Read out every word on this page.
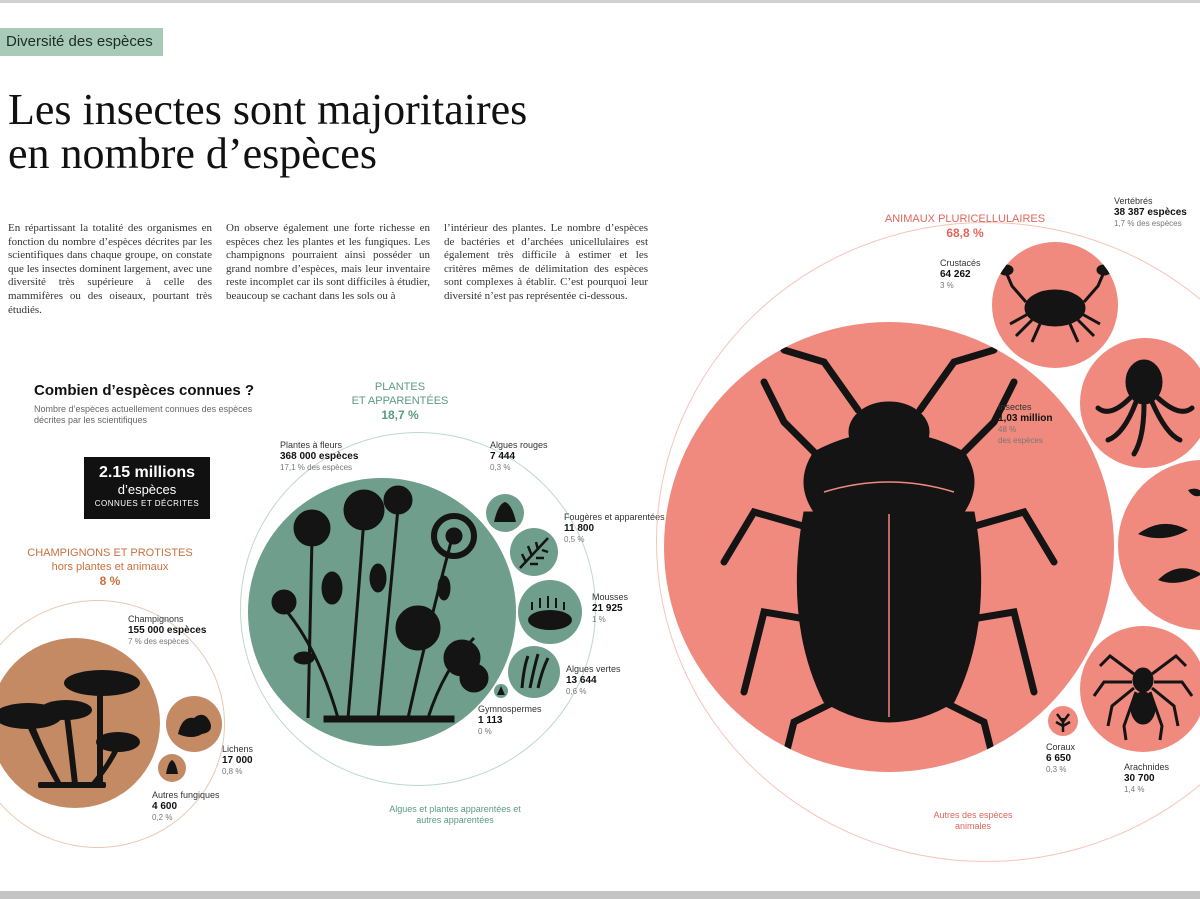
Diversité des espèces
Les insectes sont majoritaires
en nombre d’espèces

En répartissant la totalité des organismes en fonction du nombre d’espèces décrites par les scientifiques dans chaque groupe, on constate que les insectes dominent largement, avec une diversité très supérieure à celle des mammifères ou des oiseaux, pourtant très étudiés.

On observe également une forte richesse en espèces chez les plantes et les fungiques. Les champignons pourraient ainsi posséder un grand nombre d’espèces, mais leur inventaire reste incomplet car ils sont difficiles à étudier, beaucoup se cachant dans les sols ou à

l’intérieur des plantes. Le nombre d’espèces de bactéries et d’archées unicellulaires est également très difficile à estimer et les critères mêmes de délimitation des espèces sont complexes à établir. C’est pourquoi leur diversité n’est pas représentée ci-dessous.

Combien d’espèces connues ?
Nombre d’espèces actuellement connues des espèces décrites par les scientifiques
2.15 millions
d’espèces
CONNUES ET DÉCRITES
CHAMPIGNONS ET PROTISTES
hors plantes et animaux
8 %
Champignons
155 000 espèces
7 % des espèces
Lichens
17 000
0,8 %
Autres fungiques
4 600
0,2 %
PLANTES
ET APPARENTÉES
18,7 %
Plantes à fleurs
368 000 espèces
17,1 % des espèces
Algues rouges
7 444
0,3 %
Fougères et apparentées
11 800
0,5 %
Mousses
21 925
1 %
Algues vertes
13 644
0,6 %
Gymnospermes
1 113
0 %
Algues et plantes apparentées et autres apparentées
ANIMAUX PLURICELLULAIRES
68,8 %
Crustacés
64 262
3 %
Insectes
1,03 million
48 %
des espèces
Vertébrés
38 387 espèces
1,7 % des espèces
Coraux
6 650
0,3 %	Arachnides
30 700
1,4 %
Autres des espèces animales
